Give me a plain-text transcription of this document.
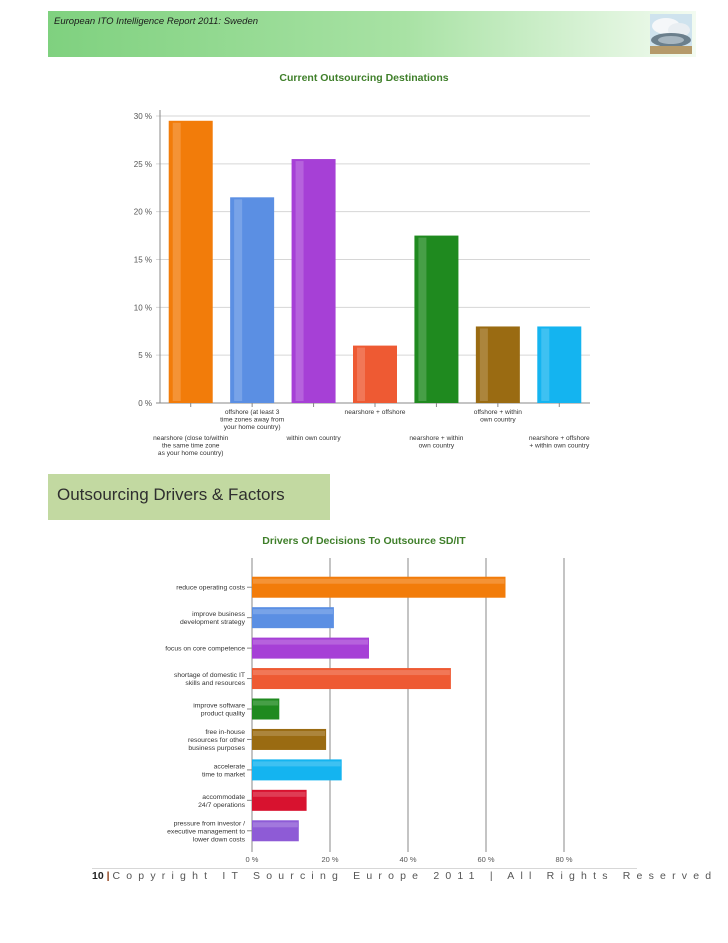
European ITO Intelligence Report 2011: Sweden
Current Outsourcing Destinations
0 %
5 %
10 %
15 %
20 %
25 %
30 %
nearshore (close to/within the same time zone as your home country)
offshore (at least 3 time zones away from your home country)
within own country
nearshore + offshore
nearshore + within own country
offshore + within own country
nearshore + offshore + within own country
Outsourcing Drivers & Factors
Drivers Of Decisions To Outsource SD/IT
0 %	20 %	40 %	60 %	80 %
reduce operating costs
improve business development strategy
focus on core competence
shortage of domestic IT skills and resources
improve software product quality
free in-house resources for other business purposes
accelerate time to market
accommodate 24/7 operations
pressure from investor / executive management to lower down costs
10 | Copyright IT Sourcing Europe 2011 | All Rights Reserved
